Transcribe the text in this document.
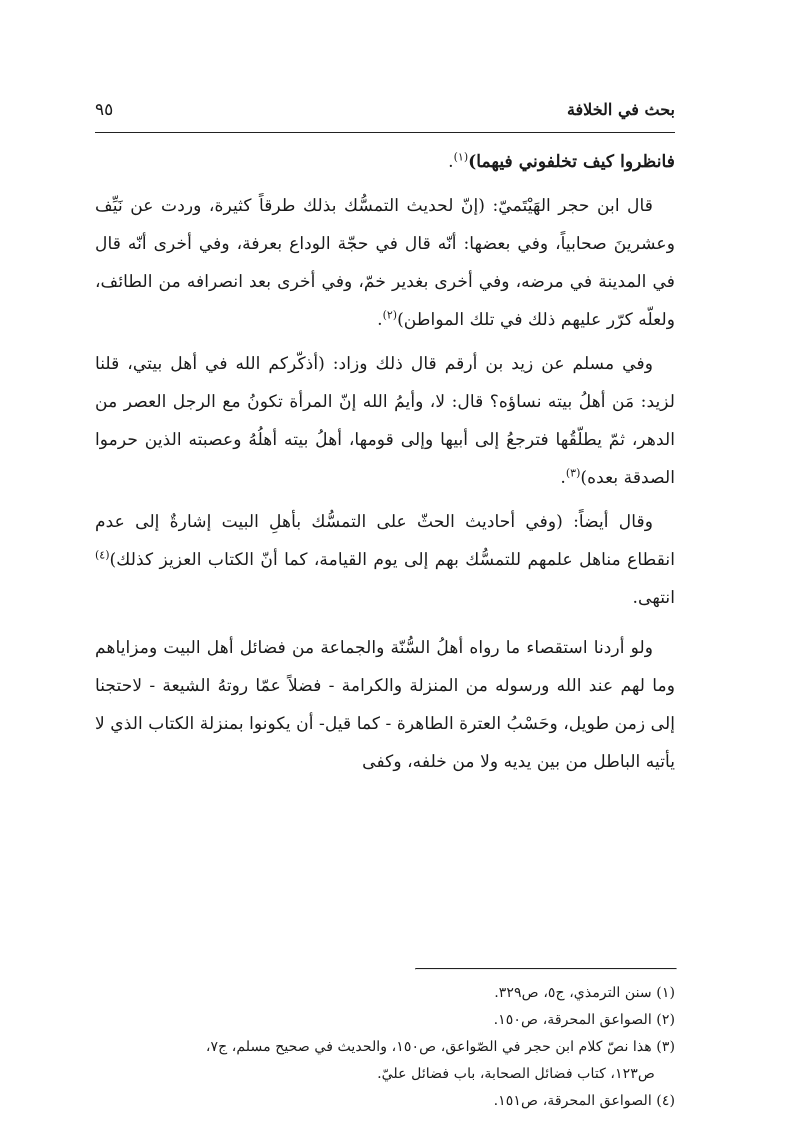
بحث في الخلافة
٩٥

فانظروا كيف تخلفوني فيهما)$^{(١)}$.

قال ابن حجر الهَيْتَميّ: (إنّ لحديث التمسُّك بذلك طرقاً كثيرة، وردت عن نَيِّف وعشرينَ صحابياً، وفي بعضها: أنّه قال في حجّة الوداع بعرفة، وفي أخرى أنّه قال في المدينة في مرضه، وفي أخرى بغدير خمّ، وفي أخرى بعد انصرافه من الطائف، ولعلّه كرّر عليهم ذلك في تلك المواطن)$^{(٢)}$.

وفي مسلم عن زيد بن أرقم قال ذلك وزاد: (أذكّركم الله في أهل بيتي، قلنا لزيد: مَن أهلُ بيته نساؤه؟ قال: لا، وأيمُ الله إنّ المرأة تكونُ مع الرجل العصر من الدهر، ثمّ يطلّقُها فترجعُ إلى أبيها وإلى قومها، أهلُ بيته أهلُهُ وعصبته الذين حرموا الصدقة بعده)$^{(٣)}$.

وقال أيضاً: (وفي أحاديث الحثّ على التمسُّك بأهلِ البيت إشارةٌ إلى عدم انقطاع مناهل علمهم للتمسُّك بهم إلى يوم القيامة، كما أنّ الكتاب العزيز كذلك)$^{(٤)}$ انتهى.

ولو أردنا استقصاء ما رواه أهلُ السُّنّة والجماعة من فضائل أهل البيت ومزاياهم وما لهم عند الله ورسوله من المنزلة والكرامة - فضلاً عمّا روتهُ الشيعة - لاحتجنا إلى زمن طويل، وحَسْبُ العترة الطاهرة - كما قيل- أن يكونوا بمنزلة الكتاب الذي لا يأتيه الباطل من بين يديه ولا من خلفه، وكفى

(١) سنن الترمذي، ج٥، ص٣٢٩.

(٢) الصواعق المحرقة، ص١٥٠.

(٣) هذا نصّ كلام ابن حجر في الصّواعق، ص١٥٠، والحديث في صحيح مسلم، ج٧،

ص١٢٣، كتاب فضائل الصحابة، باب فضائل عليّ.

(٤) الصواعق المحرقة، ص١٥١.
